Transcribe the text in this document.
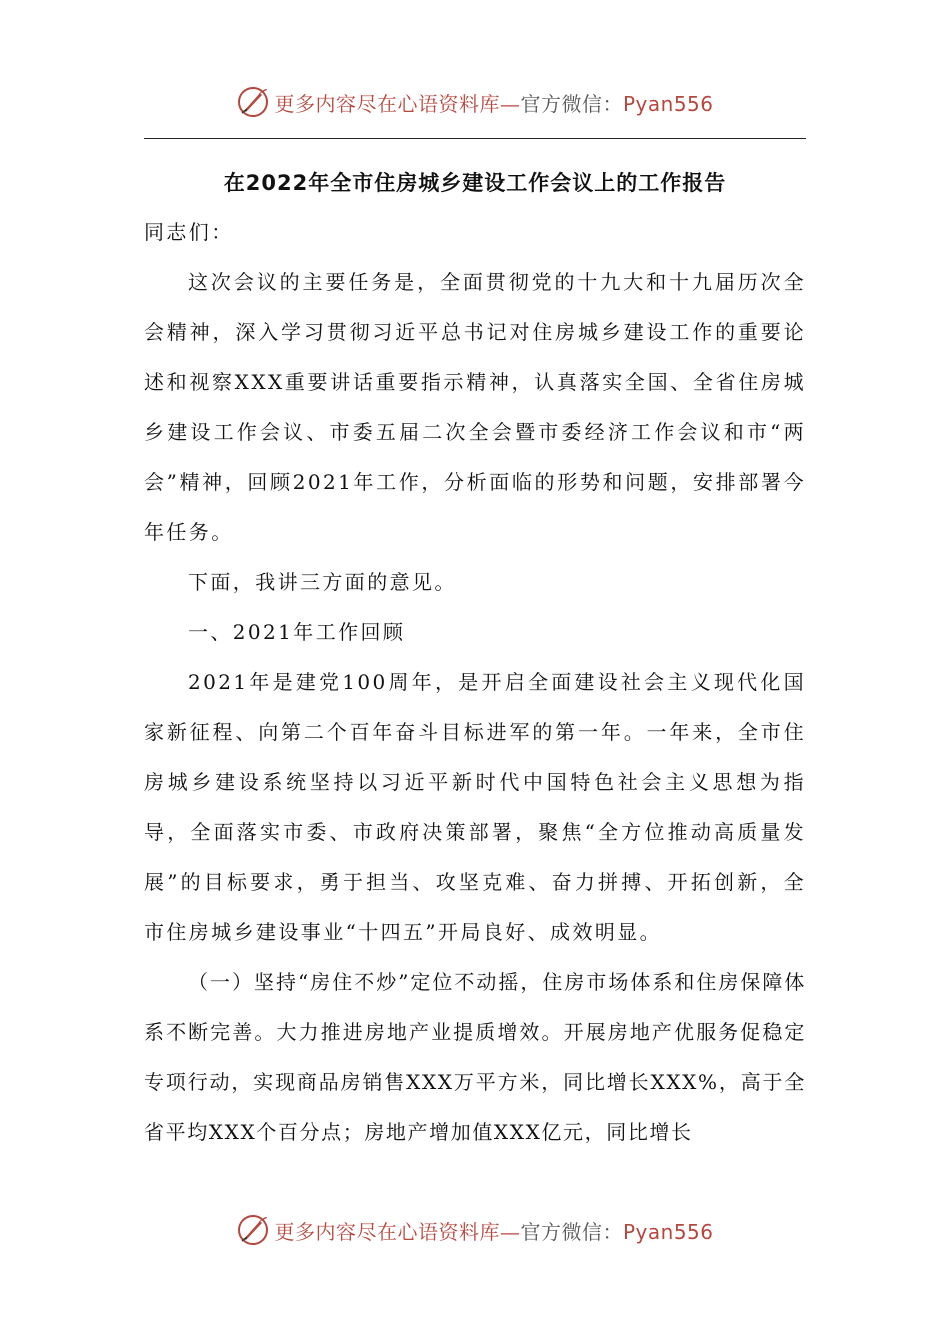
更多内容尽在心语资料库—官方微信：Pyan556
在2022年全市住房城乡建设工作会议上的工作报告

同志们：

这次会议的主要任务是，全面贯彻党的十九大和十九届历次全会精神，深入学习贯彻习近平总书记对住房城乡建设工作的重要论述和视察XXX重要讲话重要指示精神，认真落实全国、全省住房城乡建设工作会议、市委五届二次全会暨市委经济工作会议和市“两会”精神，回顾2021年工作，分析面临的形势和问题，安排部署今年任务。

下面，我讲三方面的意见。

一、2021年工作回顾

2021年是建党100周年，是开启全面建设社会主义现代化国家新征程、向第二个百年奋斗目标进军的第一年。一年来，全市住房城乡建设系统坚持以习近平新时代中国特色社会主义思想为指导，全面落实市委、市政府决策部署，聚焦“全方位推动高质量发展”的目标要求，勇于担当、攻坚克难、奋力拼搏、开拓创新，全市住房城乡建设事业“十四五”开局良好、成效明显。

（一）坚持“房住不炒”定位不动摇，住房市场体系和住房保障体系不断完善。大力推进房地产业提质增效。开展房地产优服务促稳定专项行动，实现商品房销售XXX万平方米，同比增长XXX%，高于全省平均XXX个百分点；房地产增加值XXX亿元，同比增长

更多内容尽在心语资料库—官方微信：Pyan556
